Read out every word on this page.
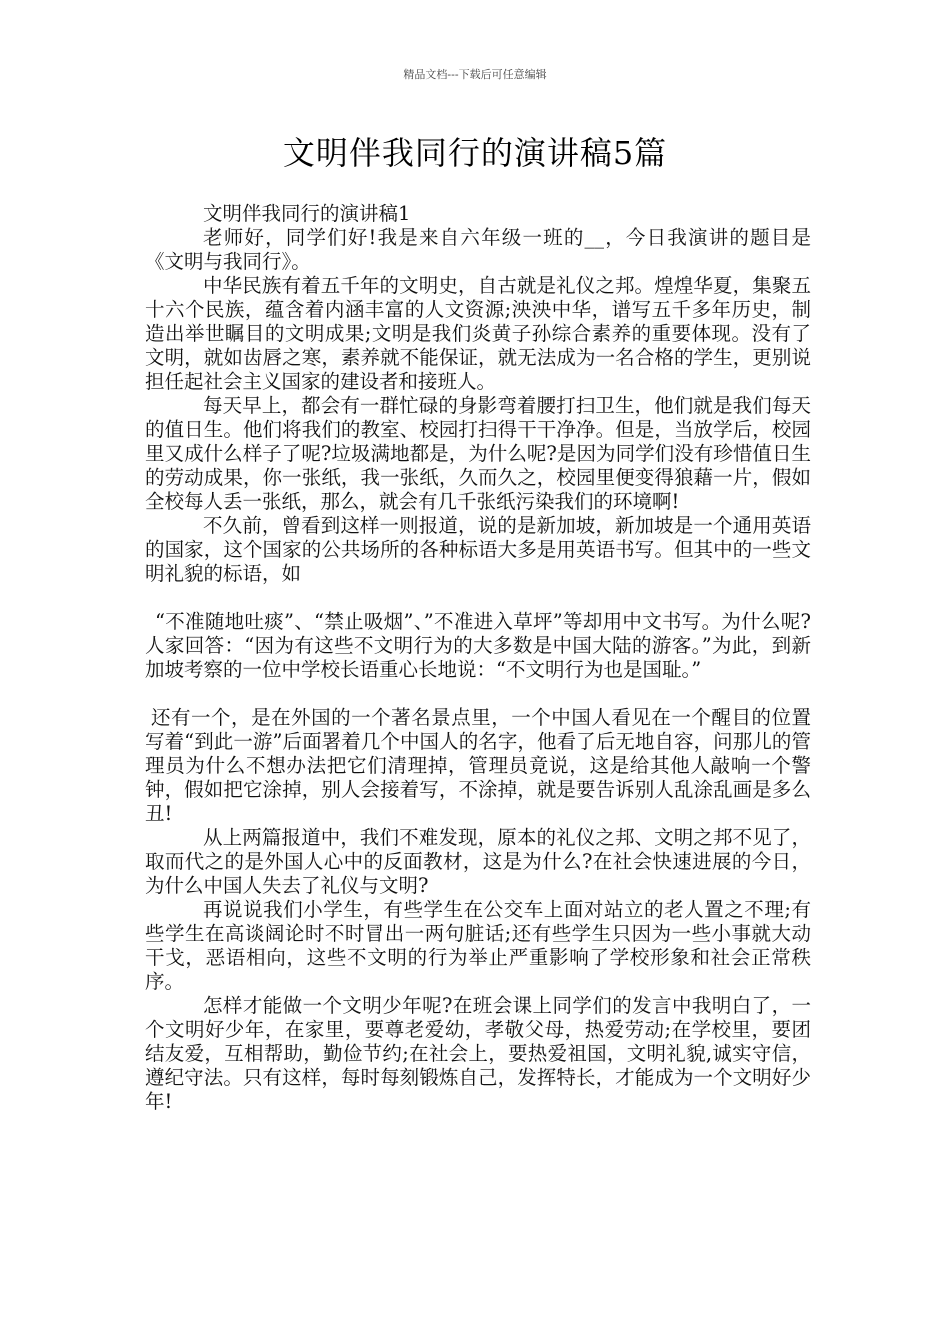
精品文档---下载后可任意编辑
文明伴我同行的演讲稿5篇

文明伴我同行的演讲稿1

老师好，同学们好!我是来自六年级一班的__，今日我演讲的题目是《文明与我同行》。

中华民族有着五千年的文明史，自古就是礼仪之邦。煌煌华夏，集聚五十六个民族，蕴含着内涵丰富的人文资源;泱泱中华，谱写五千多年历史，制造出举世瞩目的文明成果;文明是我们炎黄子孙综合素养的重要体现。没有了文明，就如齿唇之寒，素养就不能保证，就无法成为一名合格的学生，更别说担任起社会主义国家的建设者和接班人。

每天早上，都会有一群忙碌的身影弯着腰打扫卫生，他们就是我们每天的值日生。他们将我们的教室、校园打扫得干干净净。但是，当放学后，校园里又成什么样子了呢?垃圾满地都是，为什么呢?是因为同学们没有珍惜值日生的劳动成果，你一张纸，我一张纸，久而久之，校园里便变得狼藉一片，假如全校每人丢一张纸，那么，就会有几千张纸污染我们的环境啊!

不久前，曾看到这样一则报道，说的是新加坡，新加坡是一个通用英语的国家，这个国家的公共场所的各种标语大多是用英语书写。但其中的一些文明礼貌的标语，如

“不准随地吐痰”、“禁止吸烟”、”不准进入草坪”等却用中文书写。为什么呢?人家回答：“因为有这些不文明行为的大多数是中国大陆的游客。”为此，到新加坡考察的一位中学校长语重心长地说：“不文明行为也是国耻。”

还有一个，是在外国的一个著名景点里，一个中国人看见在一个醒目的位置写着“到此一游”后面署着几个中国人的名字，他看了后无地自容，问那儿的管理员为什么不想办法把它们清理掉，管理员竟说，这是给其他人敲响一个警钟，假如把它涂掉，别人会接着写，不涂掉，就是要告诉别人乱涂乱画是多么丑!

从上两篇报道中，我们不难发现，原本的礼仪之邦、文明之邦不见了，取而代之的是外国人心中的反面教材，这是为什么?在社会快速进展的今日，为什么中国人失去了礼仪与文明?

再说说我们小学生，有些学生在公交车上面对站立的老人置之不理;有些学生在高谈阔论时不时冒出一两句脏话;还有些学生只因为一些小事就大动干戈，恶语相向，这些不文明的行为举止严重影响了学校形象和社会正常秩序。

怎样才能做一个文明少年呢?在班会课上同学们的发言中我明白了，一个文明好少年，在家里，要尊老爱幼，孝敬父母，热爱劳动;在学校里，要团结友爱，互相帮助，勤俭节约;在社会上，要热爱祖国，文明礼貌,诚实守信，遵纪守法。只有这样，每时每刻锻炼自己，发挥特长，才能成为一个文明好少年!
